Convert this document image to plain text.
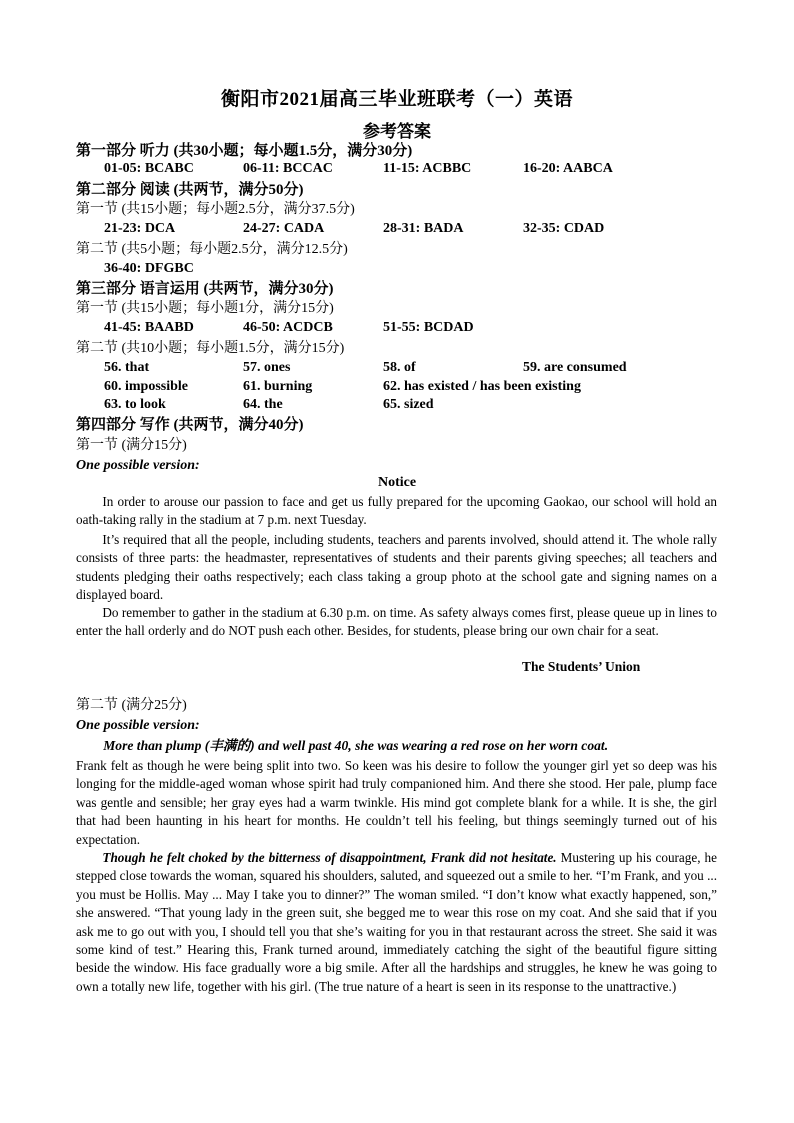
衡阳市2021届高三毕业班联考（一）英语
参考答案
第一部分 听力 (共30小题；每小题1.5分，满分30分)
01-05: BCABC	06-11: BCCAC	11-15: ACBBC	16-20: AABCA
第二部分 阅读 (共两节，满分50分)
第一节 (共15小题；每小题2.5分，满分37.5分)
21-23: DCA	24-27: CADA	28-31: BADA	32-35: CDAD
第二节 (共5小题；每小题2.5分，满分12.5分)
36-40: DFGBC
第三部分 语言运用 (共两节，满分30分)
第一节 (共15小题；每小题1分，满分15分)
41-45: BAABD	46-50: ACDCB	51-55: BCDAD
第二节 (共10小题；每小题1.5分，满分15分)
56. that	57. ones	58. of	59. are consumed
60. impossible	61. burning	62. has existed / has been existing
63. to look	64. the	65. sized
第四部分 写作 (共两节，满分40分)
第一节 (满分15分)
One possible version:
Notice

In order to arouse our passion to face and get us fully prepared for the upcoming Gaokao, our school will hold an oath-taking rally in the stadium at 7 p.m. next Tuesday.

It’s required that all the people, including students, teachers and parents involved, should attend it. The whole rally consists of three parts: the headmaster, representatives of students and their parents giving speeches; all teachers and students pledging their oaths respectively; each class taking a group photo at the school gate and signing names on a displayed board.

Do remember to gather in the stadium at 6.30 p.m. on time. As safety always comes first, please queue up in lines to enter the hall orderly and do NOT push each other. Besides, for students, please bring our own chair for a seat.

The Students’ Union
第二节 (满分25分)
One possible version:

More than plump (丰满的) and well past 40, she was wearing a red rose on her worn coat.

Frank felt as though he were being split into two. So keen was his desire to follow the younger girl yet so deep was his longing for the middle-aged woman whose spirit had truly companioned him. And there she stood. Her pale, plump face was gentle and sensible; her gray eyes had a warm twinkle. His mind got complete blank for a while. It is she, the girl that had been haunting in his heart for months. He couldn’t tell his feeling, but things seemingly turned out of his expectation.

Though he felt choked by the bitterness of disappointment, Frank did not hesitate. Mustering up his courage, he stepped close towards the woman, squared his shoulders, saluted, and squeezed out a smile to her. “I’m Frank, and you ... you must be Hollis. May ... May I take you to dinner?” The woman smiled. “I don’t know what exactly happened, son,” she answered. “That young lady in the green suit, she begged me to wear this rose on my coat. And she said that if you ask me to go out with you, I should tell you that she’s waiting for you in that restaurant across the street. She said it was some kind of test.” Hearing this, Frank turned around, immediately catching the sight of the beautiful figure sitting beside the window. His face gradually wore a big smile. After all the hardships and struggles, he knew he was going to own a totally new life, together with his girl. (The true nature of a heart is seen in its response to the unattractive.)
